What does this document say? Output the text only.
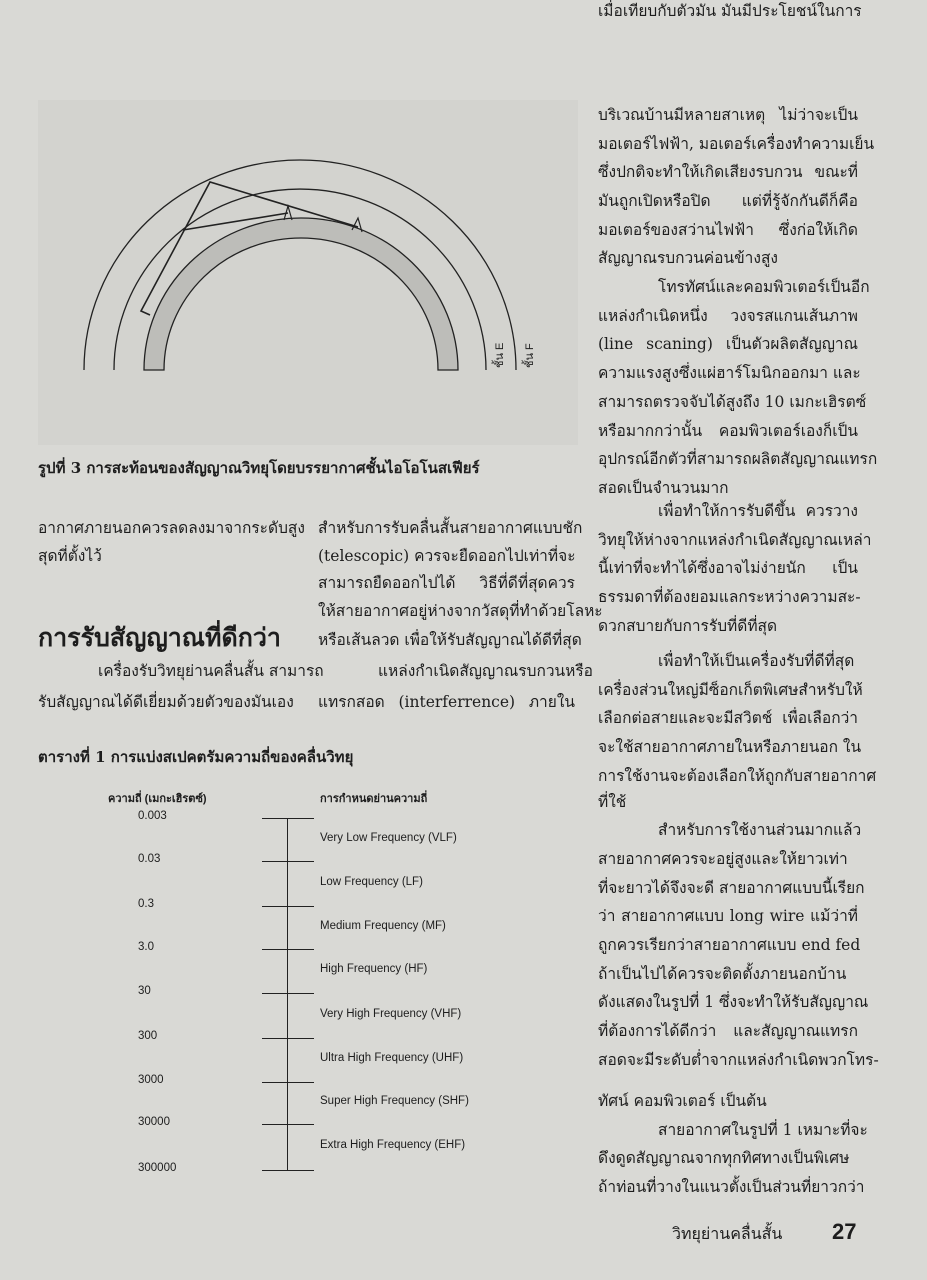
ชั้น E	ชั้น F
รูปที่ 3 การสะท้อนของสัญญาณวิทยุโดยบรรยากาศชั้นไอโอโนสเฟียร์
อากาศภายนอกควรลดลงมาจากระดับสูง
สุดที่ตั้งไว้
เครื่องรับวิทยุย่านคลื่นสั้น สามารถ
รับสัญญาณได้ดีเยี่ยมด้วยตัวของมันเอง
สำหรับการรับคลื่นสั้นสายอากาศแบบชัก
(telescopic) ควรจะยืดออกไปเท่าที่จะ
สามารถยืดออกไปได้ วิธีที่ดีที่สุดควร
ให้สายอากาศอยู่ห่างจากวัสดุที่ทำด้วยโลหะ
หรือเส้นลวด เพื่อให้รับสัญญาณได้ดีที่สุด
แหล่งกำเนิดสัญญาณรบกวนหรือ
แทรกสอด (interferrence) ภายใน
บริเวณบ้านมีหลายสาเหตุ ไม่ว่าจะเป็น
มอเตอร์ไฟฟ้า, มอเตอร์เครื่องทำความเย็น
ซึ่งปกติจะทำให้เกิดเสียงรบกวน ขณะที่
มันถูกเปิดหรือปิด แต่ที่รู้จักกันดีก็คือ
มอเตอร์ของสว่านไฟฟ้า ซึ่งก่อให้เกิด
สัญญาณรบกวนค่อนข้างสูง
โทรทัศน์และคอมพิวเตอร์เป็นอีก
แหล่งกำเนิดหนึ่ง วงจรสแกนเส้นภาพ
(line scaning) เป็นตัวผลิตสัญญาณ
ความแรงสูงซึ่งแผ่ฮาร์โมนิกออกมา และ
สามารถตรวจจับได้สูงถึง 10 เมกะเฮิรตซ์
หรือมากกว่านั้น คอมพิวเตอร์เองก็เป็น
อุปกรณ์อีกตัวที่สามารถผลิตสัญญาณแทรก
สอดเป็นจำนวนมาก
เพื่อทำให้การรับดีขึ้น ควรวาง
วิทยุให้ห่างจากแหล่งกำเนิดสัญญาณเหล่า
นี้เท่าที่จะทำได้ซึ่งอาจไม่ง่ายนัก เป็น
ธรรมดาที่ต้องยอมแลกระหว่างความสะ-
ดวกสบายกับการรับที่ดีที่สุด
เพื่อทำให้เป็นเครื่องรับที่ดีที่สุด
เครื่องส่วนใหญ่มีซ็อกเก็ตพิเศษสำหรับให้
เลือกต่อสายและจะมีสวิตช์ เพื่อเลือกว่า
จะใช้สายอากาศภายในหรือภายนอก ใน
การใช้งานจะต้องเลือกให้ถูกกับสายอากาศ
ที่ใช้
สำหรับการใช้งานส่วนมากแล้ว
สายอากาศควรจะอยู่สูงและให้ยาวเท่า
ที่จะยาวได้จึงจะดี สายอากาศแบบนี้เรียก
ว่า สายอากาศแบบ long wire แม้ว่าที่
ถูกควรเรียกว่าสายอากาศแบบ end fed
ถ้าเป็นไปได้ควรจะติดตั้งภายนอกบ้าน
ดังแสดงในรูปที่ 1 ซึ่งจะทำให้รับสัญญาณ
ที่ต้องการได้ดีกว่า และสัญญาณแทรก
สอดจะมีระดับต่ำจากแหล่งกำเนิดพวกโทร-
ทัศน์ คอมพิวเตอร์ เป็นต้น
สายอากาศในรูปที่ 1 เหมาะที่จะ
ดึงดูดสัญญาณจากทุกทิศทางเป็นพิเศษ
ถ้าท่อนที่วางในแนวตั้งเป็นส่วนที่ยาวกว่า
เมื่อเทียบกับตัวมัน มันมีประโยชน์ในการ
การรับสัญญาณที่ดีกว่า
ตารางที่ 1 การแบ่งสเปคตรัมความถี่ของคลื่นวิทยุ
ความถี่ (เมกะเฮิรตซ์)	การกำหนดย่านความถี่
0.003
0.03
0.3
3.0
30
300
3000
30000
300000
Very Low Frequency (VLF)
Low Frequency (LF)
Medium Frequency (MF)
High Frequency (HF)
Very High Frequency (VHF)
Ultra High Frequency (UHF)
Super High Frequency (SHF)
Extra High Frequency (EHF)
วิทยุย่านคลื่นสั้น 27
